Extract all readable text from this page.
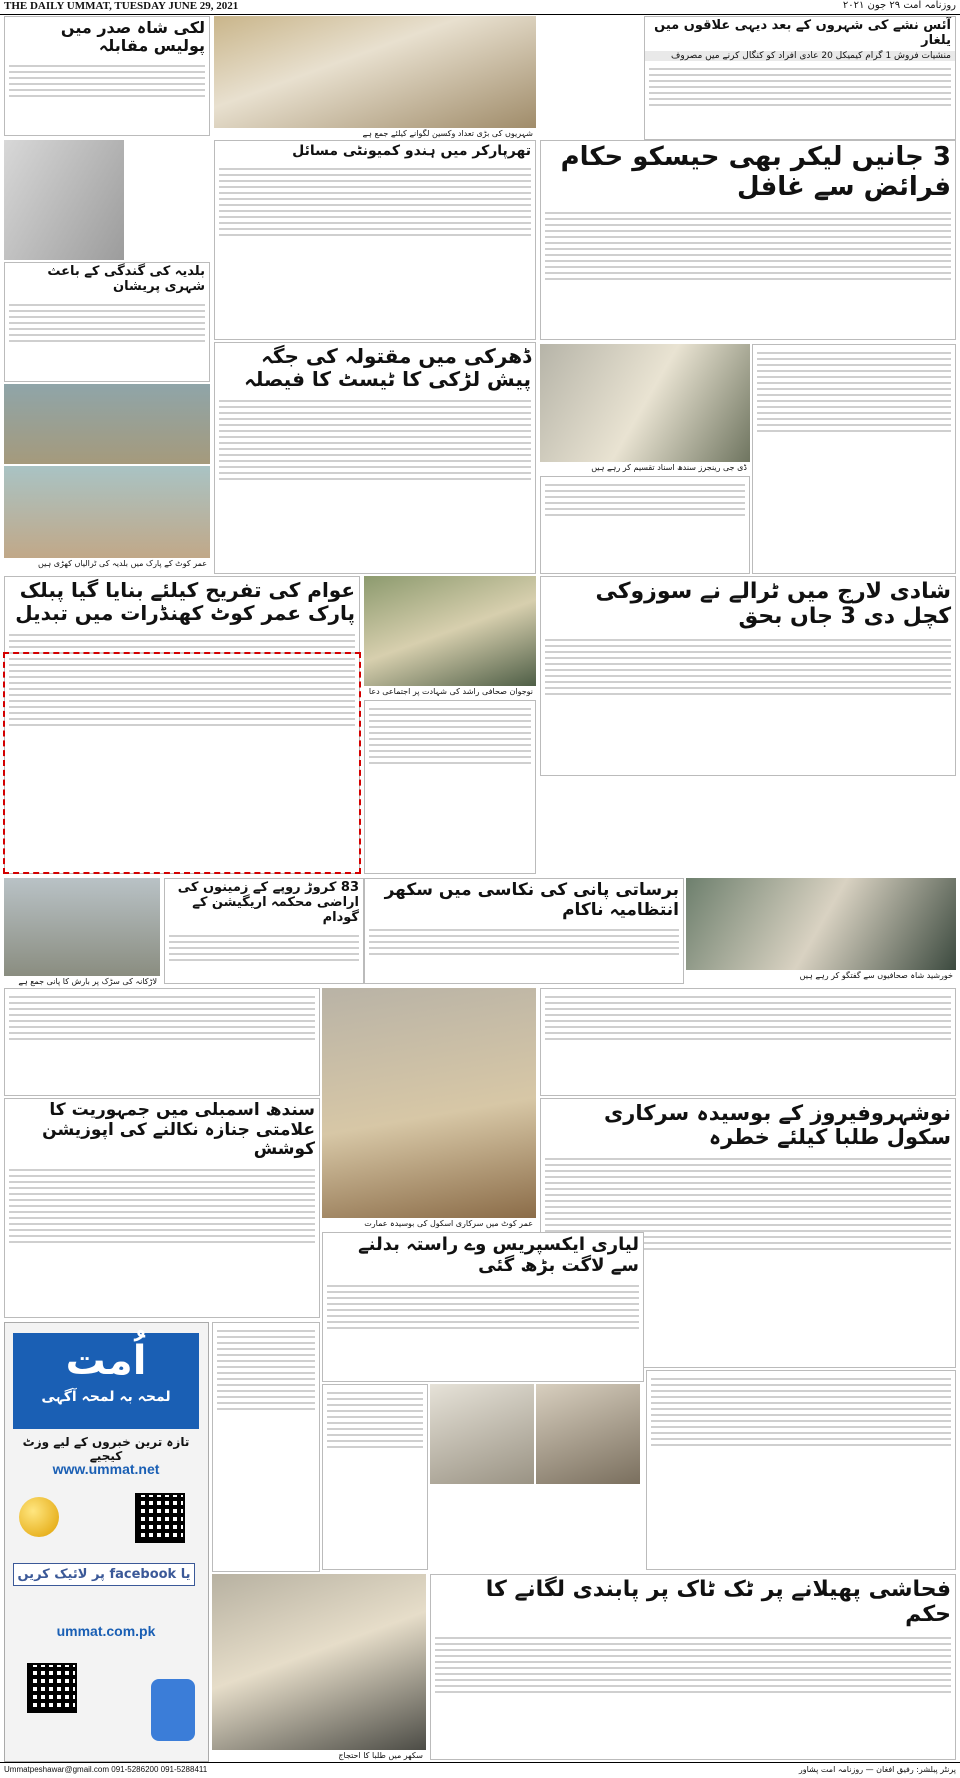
THE DAILY UMMAT, TUESDAY JUNE 29, 2021	روزنامہ امت ۲۹ جون ۲۰۲۱
آئس نشے کی شہروں کے بعد دیہی علاقوں میں یلغار
منشیات فروش 1 گرام کیمیکل 20 عادی افراد کو کنگال کرنے میں مصروف
3 جانیں لیکر بھی حیسکو حکام فرائض سے غافل
شہریوں کی بڑی تعداد وکسین لگوانے کیلئے جمع ہے
لکی شاہ صدر میں پولیس مقابلہ
بلدیہ کی گندگی کے باعث شہری پریشان
عمر کوٹ کے پارک میں بلدیہ کی ٹرالیاں کھڑی ہیں
تھرپارکر میں ہندو کمیونٹی مسائل
ڈھرکی میں مقتولہ کی جگہ پیش لڑکی کا ٹیسٹ کا فیصلہ
ڈی جی رینجرز سندھ اسناد تقسیم کر رہے ہیں
عوام کی تفریح کیلئے بنایا گیا پبلک پارک عمر کوٹ کھنڈرات میں تبدیل
نوجوان صحافی راشد کی شہادت پر اجتماعی دعا
شادی لارج میں ٹرالے نے سوزوکی کچل دی 3 جاں بحق
لاڑکانہ کی سڑک پر بارش کا پانی جمع ہے
83 کروڑ روپے کے زمینوں کی اراضی محکمہ اریگیشن کے گودام
برساتی پانی کی نکاسی میں سکھر انتظامیہ ناکام
خورشید شاہ صحافیوں سے گفتگو کر رہے ہیں
عمر کوٹ میں سرکاری اسکول کی بوسیدہ عمارت
سندھ اسمبلی میں جمہوریت کا علامتی جنازہ نکالنے کی اپوزیشن کوشش
نوشہروفیروز کے بوسیدہ سرکاری سکول طلبا کیلئے خطرہ
لیاری ایکسپریس وے راستہ بدلنے سے لاگت بڑھ گئی
سکھر میں طلبا کا احتجاج
فحاشی پھیلانے پر ٹک ٹاک پر پابندی لگانے کا حکم
اُمت
لمحہ بہ لمحہ آگہی
تازہ ترین خبروں کے لیے وزٹ کیجیے
www.ummat.net
یا facebook پر لائیک کریں
ummat.com.pk
Ummatpeshawar@gmail.com 091-5286200 091-5288411	پرنٹر پبلشر: رفیق افغان — روزنامہ امت پشاور
